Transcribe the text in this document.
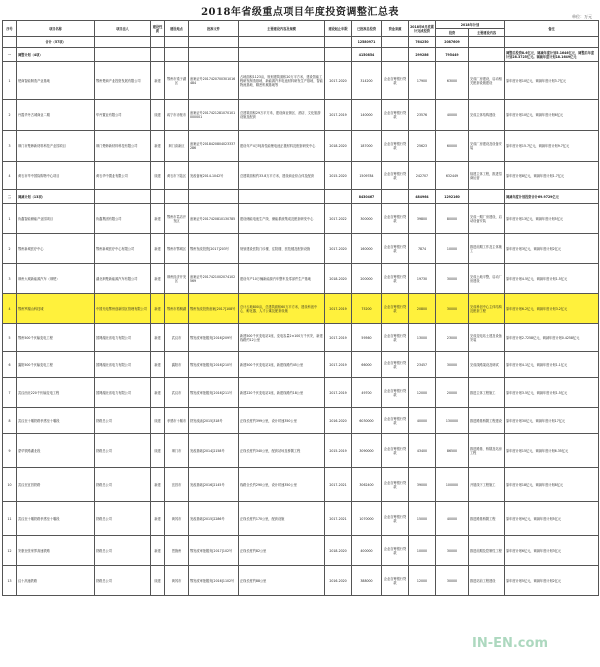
2018年省级重点项目年度投资调整汇总表	单位：万元
序号	项目名称	项目法人	建设性质	建设地点	批准文件	主要建设内容及规模	建设起止年限	已批准总投资	资金来源	2018年6月底累计完成投资	2018年计划		备注
											投资	主要建设内容	
	合计（57项）							12580971		764250	2087609		
一	调整计划（4项）							4150854		299286	795449		调整后投资8.6亿元，调减年度计划5.1646亿元，调整后年度计划28.3725亿元。调减年度计划18.1649亿元
1	楚商智能制造产业基地	鄂州楚商产业投资发展有限公司	新建	鄂州市梁子湖区	备案证号2017420700301016484	占地面积1123亩，规划建筑面积20万平方米，建设智能工程研发制造基地、新能源汽车电池材料研发生产基地、智能物流基地、精密机械基地等	2017-2020	314200	企业自筹银行贷款	17900	63000	完成厂房建设，启动相关配套设施建设	原年度计划10亿元，调减年度计划3.7亿元
2	丹霞华丹古城商业二期	华丹置业有限公司	续建	咸宁市赤壁市	备案证号2017421281070101000001	总建筑面积29万平方米，建设商业街区、酒店、文化旅游设施及配套	2017-2019	140000	企业自筹银行贷款	23576	40000	完成主体结构建设	原年度计划10亿元，调减年度计划6亿元
3	荆门市楚韩新材料科技产业园项目	荆门楚韩新材料科技有限公司	新建	荆门高新区	备案证号2018420804023337286	建设年产4万吨高性能锂电池正极材料及配套研发中心	2018-2020	187000	企业自筹银行贷款	25623	60000	完成厂房建设及设备安装	原年度计划15.7亿元，调减年度计划9.7亿元
4	黄石市华中国际购物中心项目	黄石华中置业有限公司	续建	黄石市下陆区	发改备案2014-1042号	总建筑面积约33.8万平方米，建设商业综合体及配套	2015-2020	1509784	企业自筹银行贷款	242707	632449	续建主体工程，推进招商运营	原年度计划8亿元，调减年度计划1.7亿元
二	调减计划（13项）							8430467		484964	1292160		调减年度计划投资合计69.9729亿元
1	协鑫智能储能产业园项目	协鑫集团有限公司	新建	鄂州市葛店开发区	备案证号2017420810130785	建设储能电池生产线、储能系统集成及配套研发中心	2017-2022	300000	企业自筹银行贷款	39800	80000	完成一期厂房建设，启动设备安装	原年度计划13亿元，调减年度计划5亿元
2	鄂州新城医疗中心	鄂州新城医疗中心有限公司	新建	鄂州市鄂城区	鄂州发改投资[2017]203号	规划建设医院门诊楼、住院楼、医技楼及配套设施	2017-2020	160000	企业自筹银行贷款	7874	10000	推进前期工作及主体施工	原年度计划3亿元，调减年度计划2亿元
3	荆州大城新能源汽车（荆楚）	湖北荆楚新能源汽车有限公司	新建	荆州经济开发区	备案证号2017421002074102569	建设年产10万辆新能源汽车整车及零部件生产基地	2018-2020	200000	企业自筹银行贷款	19730	30000	完成土地平整，启动厂房建设	原年度计划4.5亿元，调减年度计划1.5亿元
4	鄂州罗湖山科技城	中国光电鄂州创新园区管理有限公司	新建	鄂州市梧桐湖	鄂州发改投资备案[2017]108号	总计占地800亩，总建筑面积60万平方米，建设科创中心、孵化器、人才公寓及配套设施	2017-2019	75200	企业自筹银行贷款	20800	30000	完成科创中心主体结构及配套工程	原年度计划6.2亿元，调减年度计划3.2亿元
5	鄂州500千伏输变电工程	国网湖北省电力有限公司	新建	武汉市	鄂发改审批服务[2016]209号	新建500千伏变电站1座，变电容量2×100万千伏安，新建线路约12公里	2017-2019	59560	企业自筹银行贷款	13000	23000	完成变电站土建及设备安装	原年度计划2.7258亿元，调减年度计划0.4258亿元
6	襄阳500千伏输变电工程	国网湖北省电力有限公司	新建	襄阳市	鄂发改审批服务[2016]210号	新建500千伏变电站1座，新建线路约45公里	2017-2019	66000	企业自筹银行贷款	23457	30000	完成线路架设及调试	原年度计划4.1亿元，调减年度计划1.1亿元
7	武汉西北220千伏输变电工程	国网湖北省电力有限公司	新建	武汉市	鄂发改审批服务[2016]211号	新建220千伏变电站1座，新建线路约18公里	2017-2019	49700	企业自筹银行贷款	12000	20000	推进主体工程施工	原年度计划3.5亿元，调减年度计划1.5亿元
8	武汉至十堰铁路孝感至十堰段	铁路总公司	续建	孝感市十堰市	铁发改函[2015]318号	正线长度约399公里，设计时速350公里	2016-2020	6030000	企业自筹银行贷款	40000	130000	推进路基桥隧工程建设	原年度计划30亿元，调减年度计划17亿元
9	蒙华铁路湖北段	铁路总公司	续建	荆门市	发改基础[2014]2158号	正线长度约340公里，配套站场及桥隧工程	2015-2019	3090000	企业自筹银行贷款	43400	86500	推进路基、桥隧及站房工程	原年度计划15亿元，调减年度计划6.35亿元
10	武汉至宜昌铁路	铁路总公司	新建	宜昌市	发改基础[2016]2145号	线路全长约290公里，设计时速350公里	2017-2021	3062400	企业自筹银行贷款	39000	100000	开展线下工程施工	原年度计划18亿元，调减年度计划8亿元
11	武汉至十堰铁路孝感至十堰段	铁路总公司	新建	黄冈市	发改基础[2015]2286号	正线长度约170公里，配套设施	2017-2021	1070000	企业自筹银行贷款	15000	40000	推进路基桥隧工程	原年度计划9亿元，调减年度计划5亿元
12	安康至张家界高速铁路	铁路总公司	新建	恩施州	鄂发改审批服务[2017]102号	正线长度约82公里	2018-2020	400000	企业自筹银行贷款	10000	30000	推进前期及控制性工程	原年度计划6亿元，调减年度计划3亿元
13	汉十高速铁路	铁路总公司	续建	黄冈市	鄂发改审批服务[2016]1102号	正线长度约88公里	2016-2020	388000	企业自筹银行贷款	12000	30000	推进站前工程建设	原年度计划5亿元，调减年度计划2亿元
IN-EN.com
